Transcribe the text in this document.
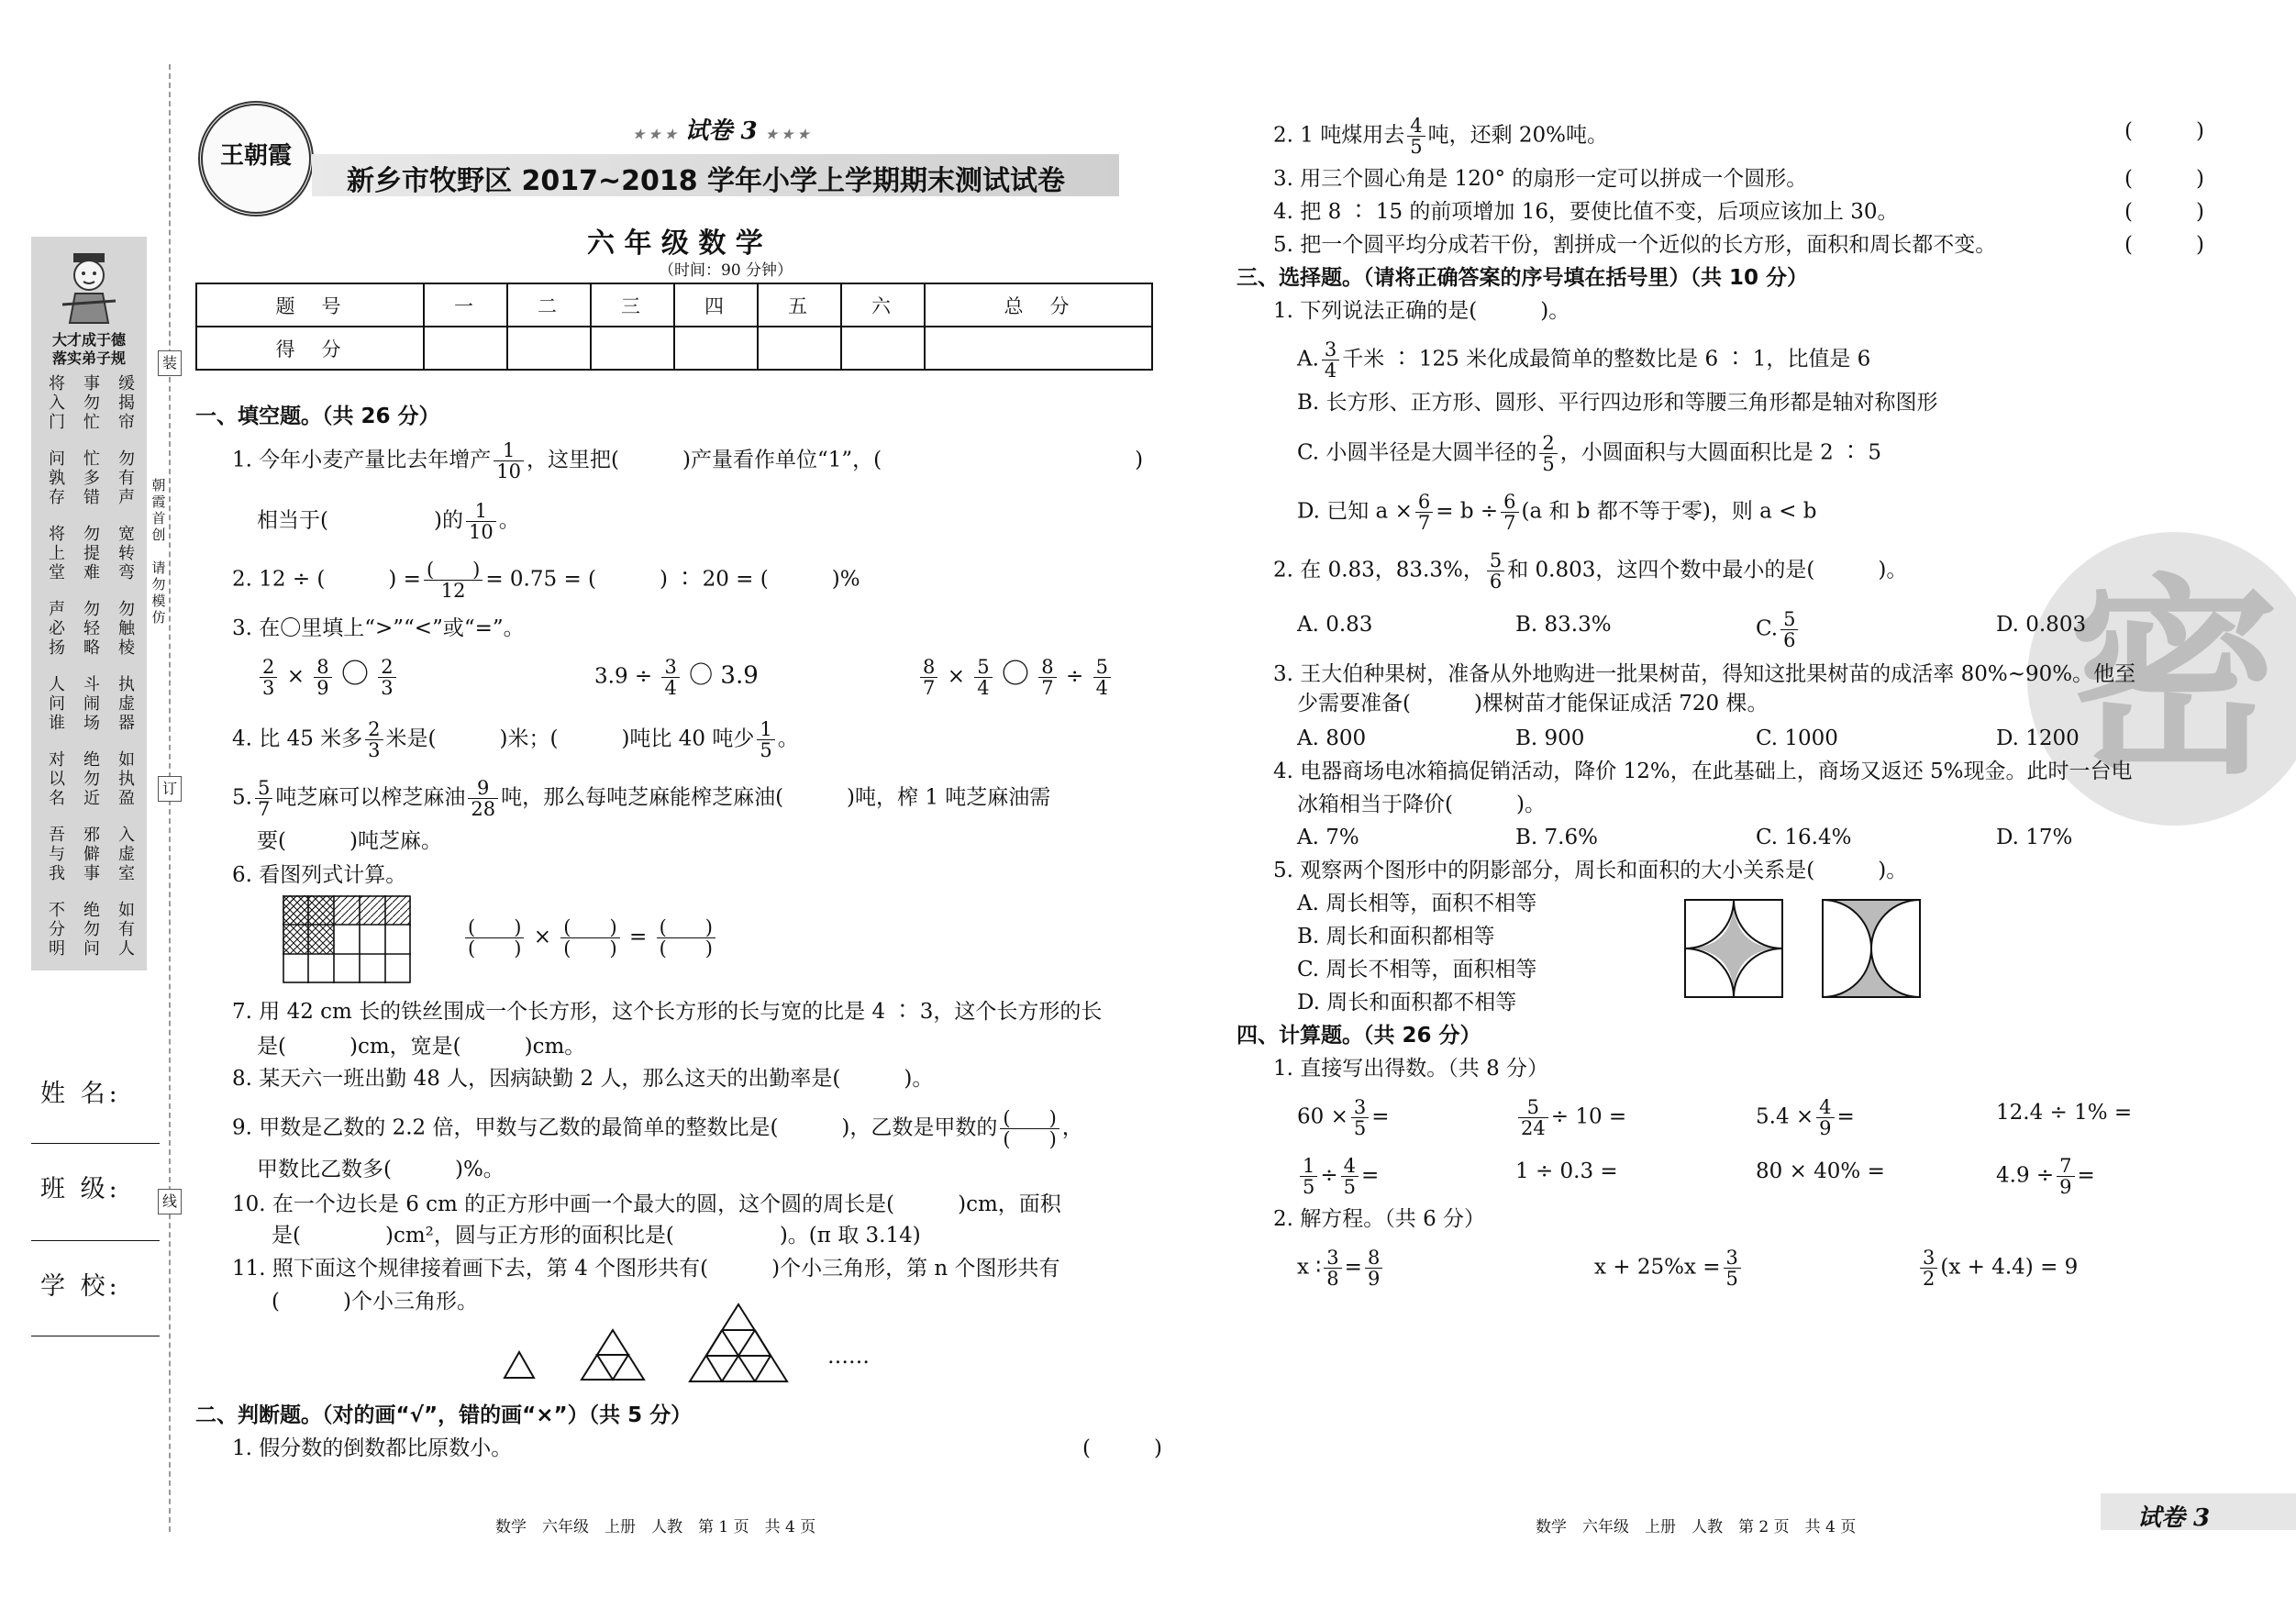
大才成于德
落实弟子规
将入门
事勿忙
缓揭帘
问孰存
忙多错
勿有声
将上堂
勿提难
宽转弯
声必扬
勿轻略
勿触棱
人问谁
斗闹场
执虚器
对以名
绝勿近
如执盈
吾与我
邪僻事
入虚室
不分明
绝勿问
如有人
朝霞首创

请勿模仿
装
订
线
姓 名:
班 级:
学 校:
王朝霞
★ ★ ★ 试卷 3 ★ ★ ★
新乡市牧野区 2017~2018 学年小学上学期期末测试试卷
六 年 级 数 学
（时间：90 分钟）
题　号	一	二	三	四	五	六	总　分
得　分							
一、填空题。（共 26 分）
1. 今年小麦产量比去年增产 $\frac{1}{10}$ ，这里把(　　　)产量看作单位“1”，(　　　　　　　　　　　　)
相当于(　　　　　)的 $\frac{1}{10}$ 。
2. 12 ÷ (　　　) = $\frac{( )}{12} = 0.75$ = (　　　) ∶ 20 = (　　　)%
3. 在〇里填上“>”“<”或“=”。
$\frac{2}{3} \times \frac{8}{9}$ 〇 $\frac{2}{3}$	$3.9 \div \frac{3}{4}$ 〇 3.9	$\frac{8}{7} \times \frac{5}{4}$ 〇 $\frac{8}{7} \div \frac{5}{4}$
4. 比 45 米多 $\frac{2}{3}$ 米是(　　　)米；(　　　)吨比 40 吨少 $\frac{1}{5}$ 。
5. $\frac{5}{7}$ 吨芝麻可以榨芝麻油 $\frac{9}{28}$ 吨，那么每吨芝麻能榨芝麻油(　　　)吨，榨 1 吨芝麻油需
要(　　　)吨芝麻。
6. 看图列式计算。
$\frac{( )}{( )} \times \frac{( )}{( )} = \frac{( )}{( )}$
7. 用 42 cm 长的铁丝围成一个长方形，这个长方形的长与宽的比是 4 ∶ 3，这个长方形的长
是(　　　)cm，宽是(　　　)cm。
8. 某天六一班出勤 48 人，因病缺勤 2 人，那么这天的出勤率是(　　　)。
9. 甲数是乙数的 2.2 倍，甲数与乙数的最简单的整数比是(　　　)，乙数是甲数的 $\frac{( )}{( )}$ ，
甲数比乙数多(　　　)%。
10. 在一个边长是 6 cm 的正方形中画一个最大的圆，这个圆的周长是(　　　)cm，面积
是(　　　　)cm²，圆与正方形的面积比是(　　　　　)。(π 取 3.14)
11. 照下面这个规律接着画下去，第 4 个图形共有(　　　)个小三角形，第 n 个图形共有
(　　　)个小三角形。
……
二、判断题。（对的画“√”，错的画“×”）（共 5 分）
1. 假分数的倒数都比原数小。	(　　　)
2. 1 吨煤用去 $\frac{4}{5}$ 吨，还剩 20%吨。	(　　　)
3. 用三个圆心角是 120° 的扇形一定可以拼成一个圆形。	(　　　)
4. 把 8 ∶ 15 的前项增加 16，要使比值不变，后项应该加上 30。	(　　　)
5. 把一个圆平均分成若干份，割拼成一个近似的长方形，面积和周长都不变。	(　　　)
密
三、选择题。（请将正确答案的序号填在括号里）（共 10 分）
1. 下列说法正确的是(　　　)。
A. $\frac{3}{4}$ 千米 ∶ 125 米化成最简单的整数比是 6 ∶ 1，比值是 6
B. 长方形、正方形、圆形、平行四边形和等腰三角形都是轴对称图形
C. 小圆半径是大圆半径的 $\frac{2}{5}$ ，小圆面积与大圆面积比是 2 ∶ 5
D. 已知 $a \times \frac{6}{7} = b \div \frac{6}{7} (a$ 和 b 都不等于零)，则 a < b
2. 在 0.83，83.3%， $\frac{5}{6}$ 和 0.803，这四个数中最小的是(　　　)。
A. 0.83	B. 83.3%	C. $\frac{5}{6}$	D. 0.803
3. 王大伯种果树，准备从外地购进一批果树苗，得知这批果树苗的成活率 80%~90%。他至
少需要准备(　　　)棵树苗才能保证成活 720 棵。
A. 800	B. 900	C. 1000	D. 1200
4. 电器商场电冰箱搞促销活动，降价 12%，在此基础上，商场又返还 5%现金。此时一台电
冰箱相当于降价(　　　)。
A. 7%	B. 7.6%	C. 16.4%	D. 17%
5. 观察两个图形中的阴影部分，周长和面积的大小关系是(　　　)。
A. 周长相等，面积不相等
B. 周长和面积都相等
C. 周长不相等，面积相等
D. 周长和面积都不相等
四、计算题。（共 26 分）
1. 直接写出得数。（共 8 分）
$60 \times \frac{3}{5}$ =	$\frac{5}{24} \div 10$ =	$5.4 \times \frac{4}{9}$ =	12.4 ÷ 1% =
$\frac{1}{5} \div \frac{4}{5}$ =	1 ÷ 0.3 =	80 × 40% =	$4.9 \div \frac{7}{9}$ =
2. 解方程。（共 6 分）
x ∶ $\frac{3}{8} = \frac{8}{9}$	$x + 25\%x = \frac{3}{5}$	$\frac{3}{2} (x + 4.4) = 9$
数学　六年级　上册　人教　第 1 页　共 4 页	数学　六年级　上册　人教　第 2 页　共 4 页	试卷 3
